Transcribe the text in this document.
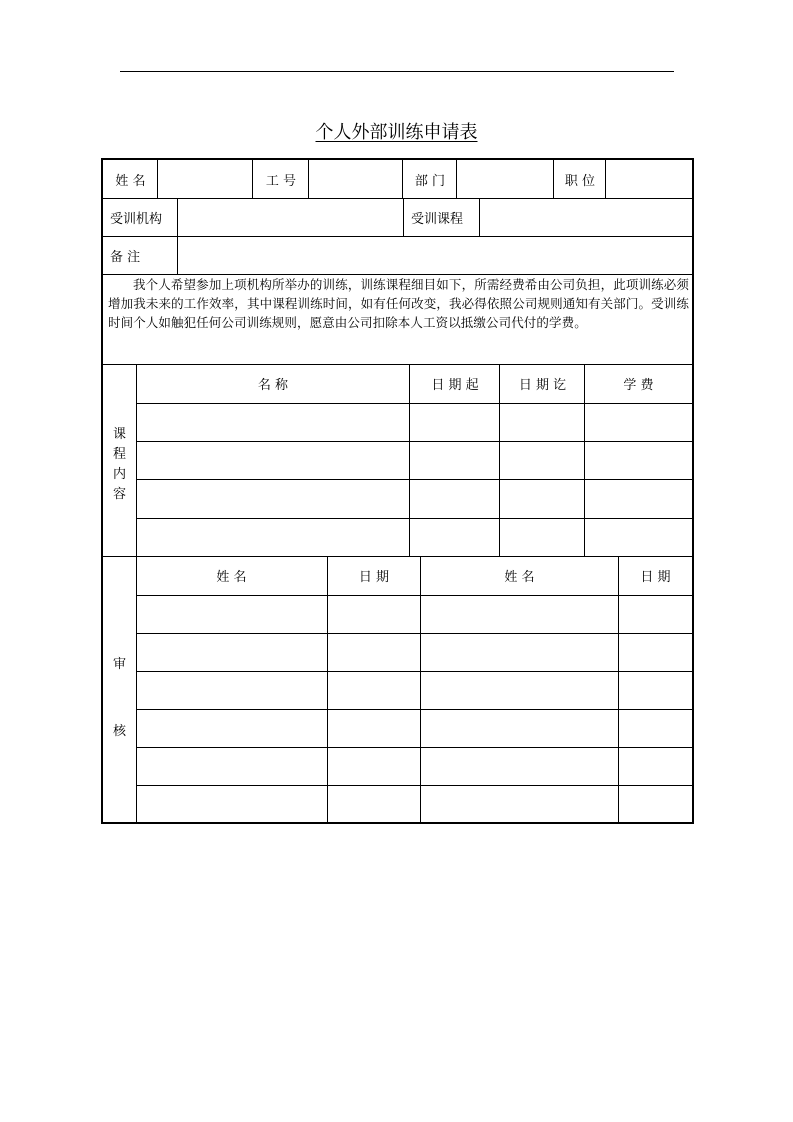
个人外部训练申请表
姓 名	工 号	部 门	职 位
受训机构	受训课程
备 注
我个人希望参加上项机构所举办的训练，训练课程细目如下，所需经费希由公司负担，此项训练必须增加我未来的工作效率，其中课程训练时间，如有任何改变，我必得依照公司规则通知有关部门。受训练时间个人如触犯任何公司训练规则，愿意由公司扣除本人工资以抵缴公司代付的学费。
课程内容
名 称	日 期 起	日 期 讫	学 费
审
核
姓 名	日 期	姓 名	日 期
